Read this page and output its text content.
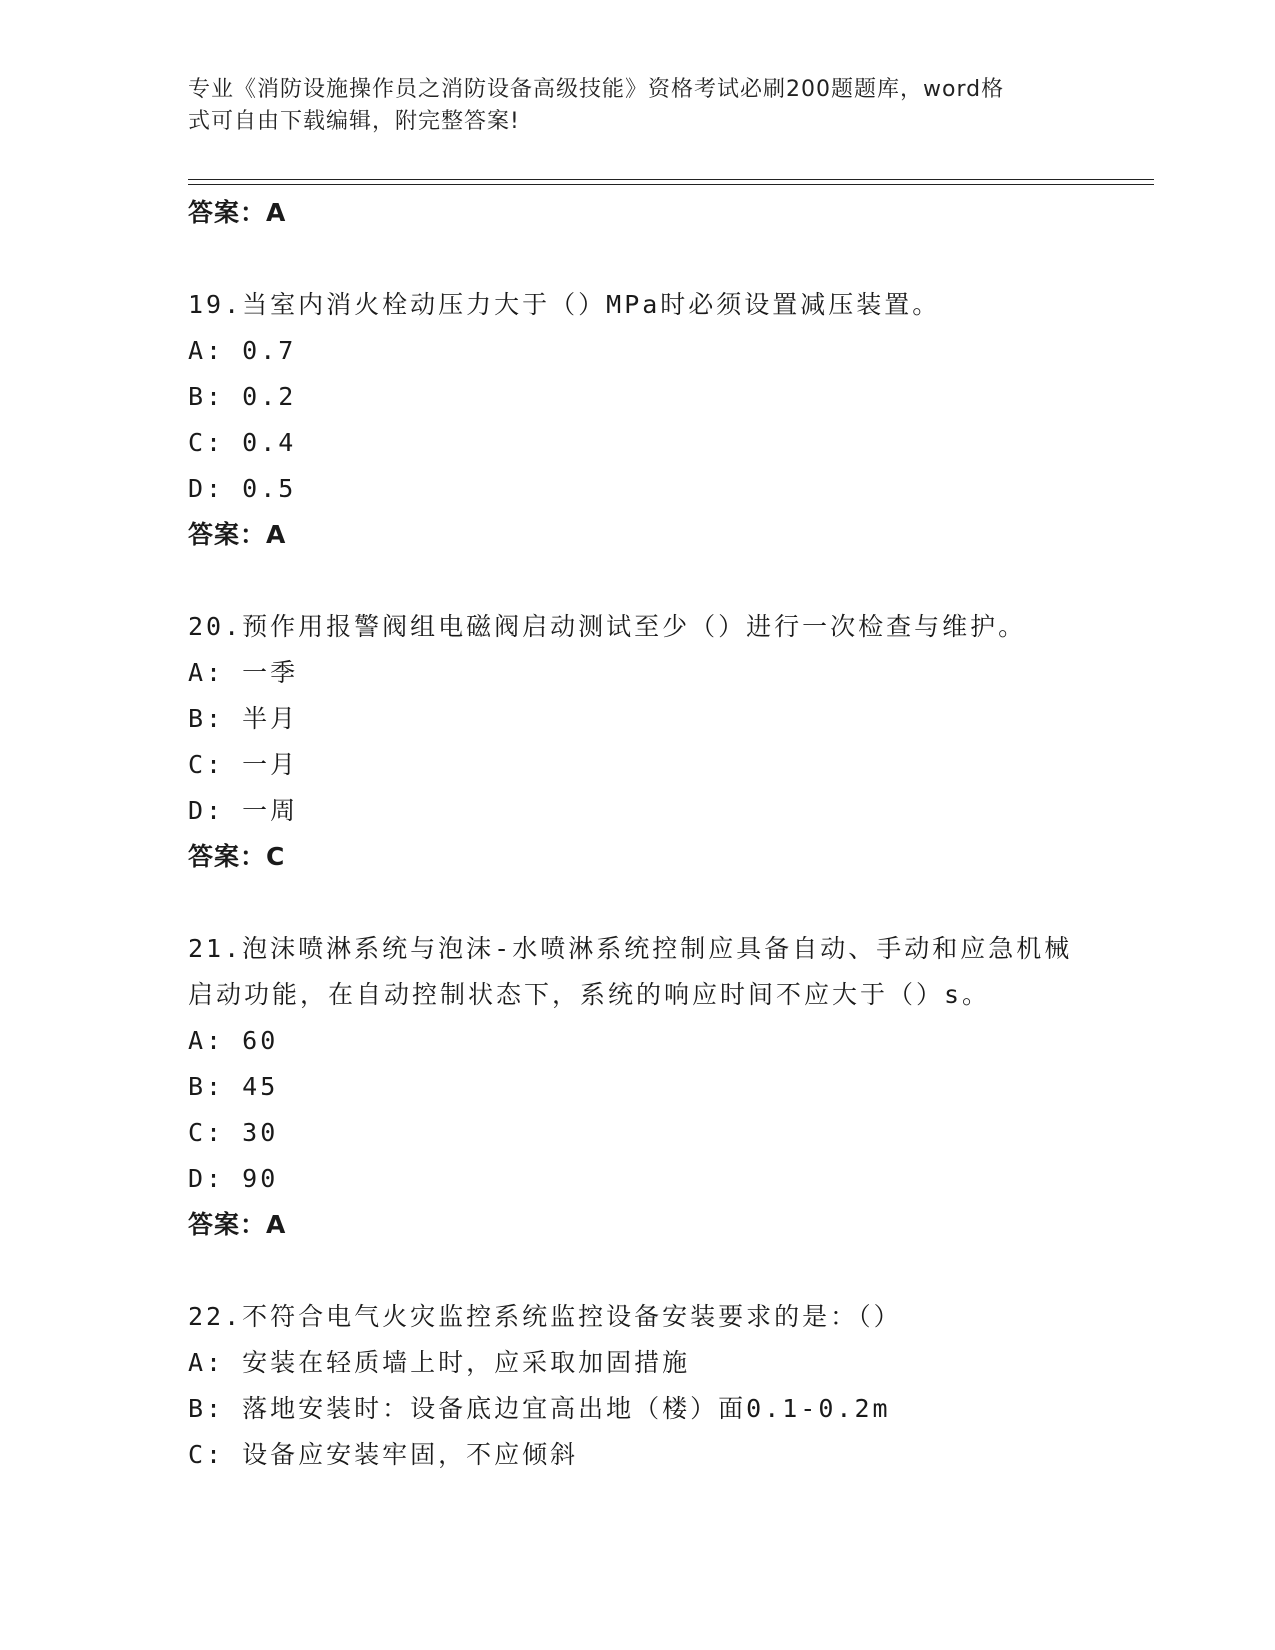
专业《消防设施操作员之消防设备高级技能》资格考试必刷200题题库，word格
式可自由下载编辑，附完整答案!
答案：A
19.当室内消火栓动压力大于（）MPa时必须设置减压装置。
A: 0.7
B: 0.2
C: 0.4
D: 0.5
答案：A
20.预作用报警阀组电磁阀启动测试至少（）进行一次检查与维护。
A: 一季
B: 半月
C: 一月
D: 一周
答案：C
21.泡沫喷淋系统与泡沫-水喷淋系统控制应具备自动、手动和应急机械启动功能，在自动控制状态下，系统的响应时间不应大于（）s。
A: 60
B: 45
C: 30
D: 90
答案：A
22.不符合电气火灾监控系统监控设备安装要求的是：（）
A: 安装在轻质墙上时，应采取加固措施
B: 落地安装时：设备底边宜高出地（楼）面0.1-0.2m
C: 设备应安装牢固，不应倾斜
